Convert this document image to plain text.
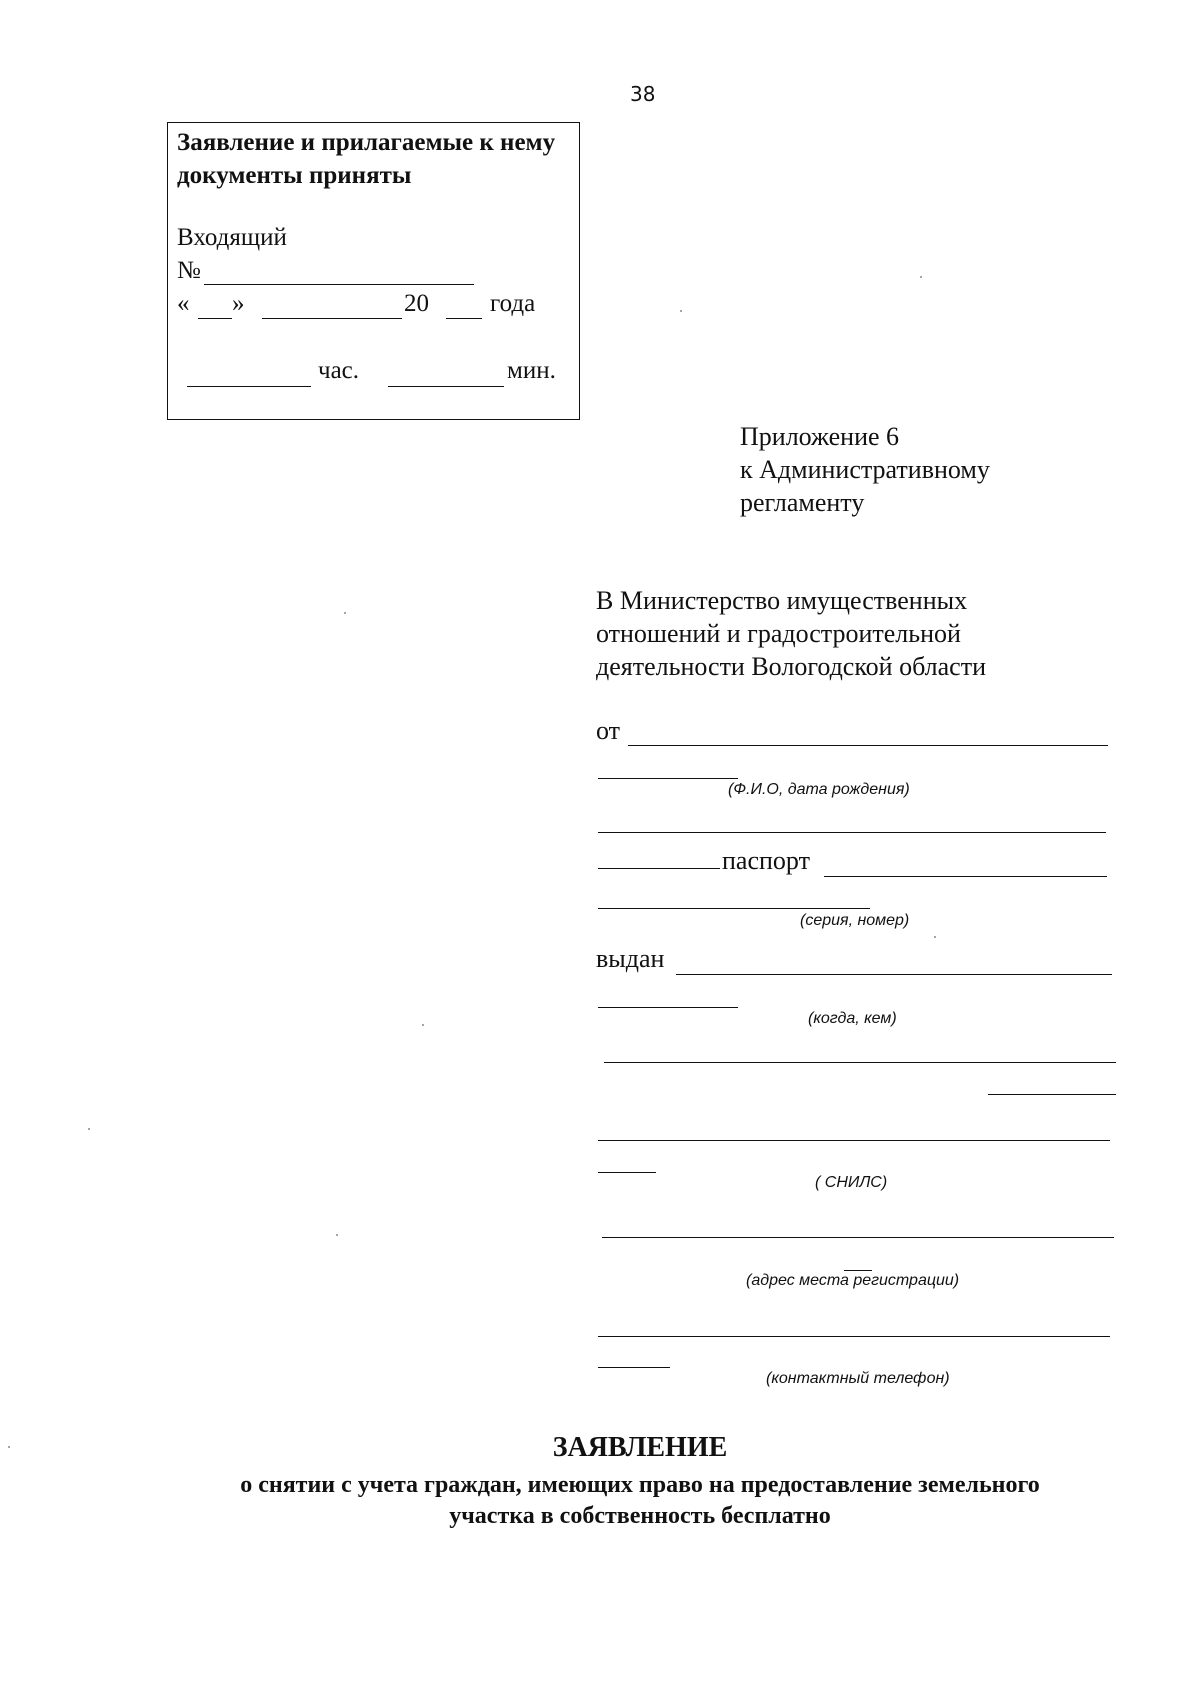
38
Заявление и прилагаемые к нему документы приняты
Входящий
№
« »	20 года
час.	мин.
Приложение 6
к Административному
регламенту
В Министерство имущественных
отношений и градостроительной
деятельности Вологодской области
от
(Ф.И.О, дата рождения)
паспорт
(серия, номер)
выдан
(когда, кем)
( СНИЛС)
(адрес места регистрации)
(контактный телефон)
ЗАЯВЛЕНИЕ
о снятии с учета граждан, имеющих право на предоставление земельного
участка в собственность бесплатно
